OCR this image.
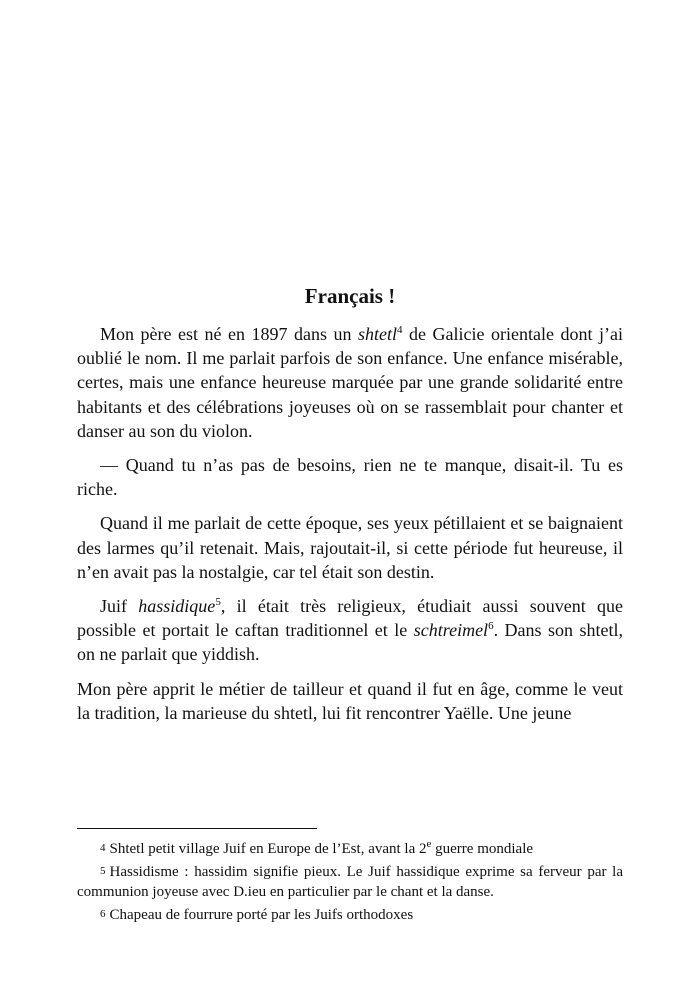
Français !

Mon père est né en 1897 dans un shtetl$^4$ de Galicie orientale dont j’ai oublié le nom. Il me parlait parfois de son enfance. Une enfance misérable, certes, mais une enfance heureuse marquée par une grande solidarité entre habitants et des célébrations joyeuses où on se rassemblait pour chanter et danser au son du violon.

— Quand tu n’as pas de besoins, rien ne te manque, disait-il. Tu es riche.

Quand il me parlait de cette époque, ses yeux pétillaient et se baignaient des larmes qu’il retenait. Mais, rajoutait-il, si cette période fut heureuse, il n’en avait pas la nostalgie, car tel était son destin.

Juif hassidique$^5$, il était très religieux, étudiait aussi souvent que possible et portait le caftan traditionnel et le schtreimel$^6$. Dans son shtetl, on ne parlait que yiddish.

Mon père apprit le métier de tailleur et quand il fut en âge, comme le veut la tradition, la marieuse du shtetl, lui fit rencontrer Yaëlle. Une jeune

4 Shtetl petit village Juif en Europe de l’Est, avant la 2e guerre mondiale
5 Hassidisme : hassidim signifie pieux. Le Juif hassidique exprime sa ferveur par la communion joyeuse avec D.ieu en particulier par le chant et la danse.
6 Chapeau de fourrure porté par les Juifs orthodoxes
